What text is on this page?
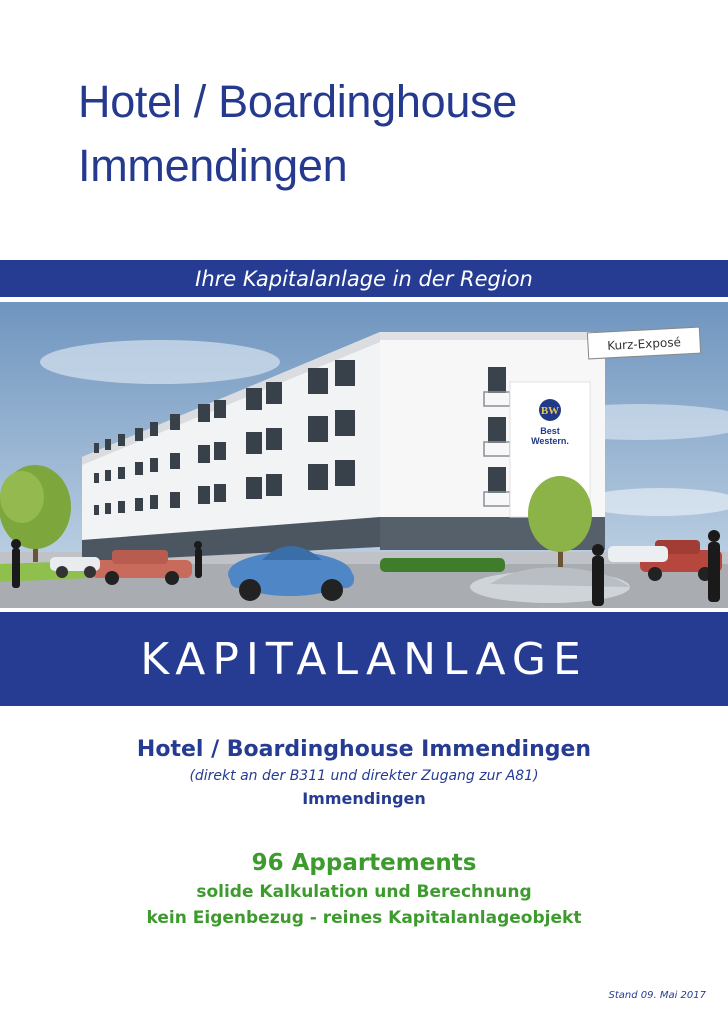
Hotel / Boardinghouse
Immendingen
Ihre Kapitalanlage in der Region
BW
Best
Western.
Kurz-Exposé
KAPITALANLAGE
Hotel / Boardinghouse Immendingen
(direkt an der B311 und direkter Zugang zur A81)
Immendingen
96 Appartements
solide Kalkulation und Berechnung
kein Eigenbezug - reines Kapitalanlageobjekt
Stand 09. Mai 2017
